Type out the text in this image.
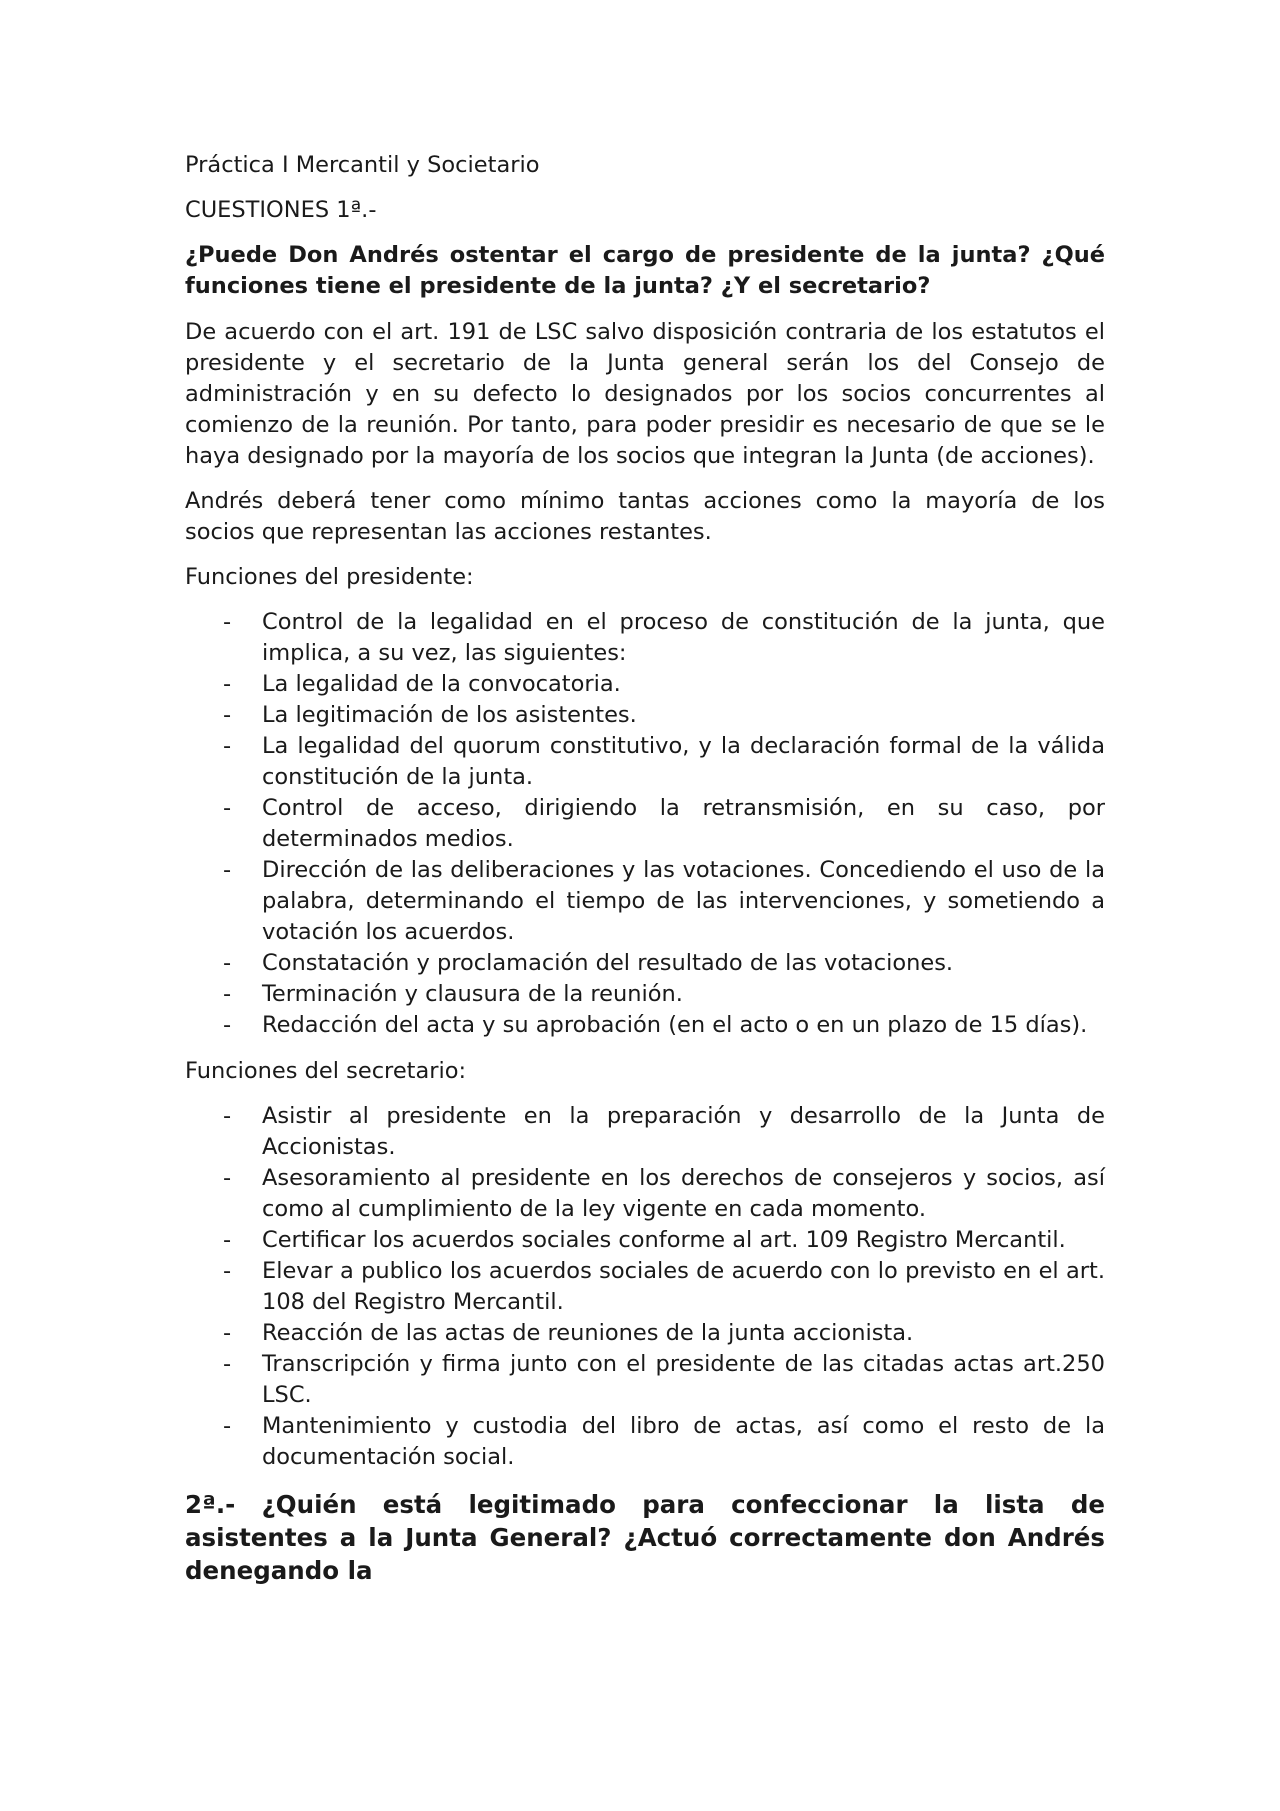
Práctica I Mercantil y Societario

CUESTIONES 1ª.-

¿Puede Don Andrés ostentar el cargo de presidente de la junta? ¿Qué funciones tiene el presidente de la junta? ¿Y el secretario?

De acuerdo con el art. 191 de LSC salvo disposición contraria de los estatutos el presidente y el secretario de la Junta general serán los del Consejo de administración y en su defecto lo designados por los socios concurrentes al comienzo de la reunión. Por tanto, para poder presidir es necesario de que se le haya designado por la mayoría de los socios que integran la Junta (de acciones).

Andrés deberá tener como mínimo tantas acciones como la mayoría de los socios que representan las acciones restantes.

Funciones del presidente:

- Control de la legalidad en el proceso de constitución de la junta, que implica, a su vez, las siguientes:
- La legalidad de la convocatoria.
- La legitimación de los asistentes.
- La legalidad del quorum constitutivo, y la declaración formal de la válida constitución de la junta.
- Control de acceso, dirigiendo la retransmisión, en su caso, por determinados medios.
- Dirección de las deliberaciones y las votaciones. Concediendo el uso de la palabra, determinando el tiempo de las intervenciones, y sometiendo a votación los acuerdos.
- Constatación y proclamación del resultado de las votaciones.
- Terminación y clausura de la reunión.
- Redacción del acta y su aprobación (en el acto o en un plazo de 15 días).

Funciones del secretario:

- Asistir al presidente en la preparación y desarrollo de la Junta de Accionistas.
- Asesoramiento al presidente en los derechos de consejeros y socios, así como al cumplimiento de la ley vigente en cada momento.
- Certificar los acuerdos sociales conforme al art. 109 Registro Mercantil.
- Elevar a publico los acuerdos sociales de acuerdo con lo previsto en el art. 108 del Registro Mercantil.
- Reacción de las actas de reuniones de la junta accionista.
- Transcripción y firma junto con el presidente de las citadas actas art.250 LSC.
- Mantenimiento y custodia del libro de actas, así como el resto de la documentación social.

2ª.- ¿Quién está legitimado para confeccionar la lista de asistentes a la Junta General? ¿Actuó correctamente don Andrés denegando la
